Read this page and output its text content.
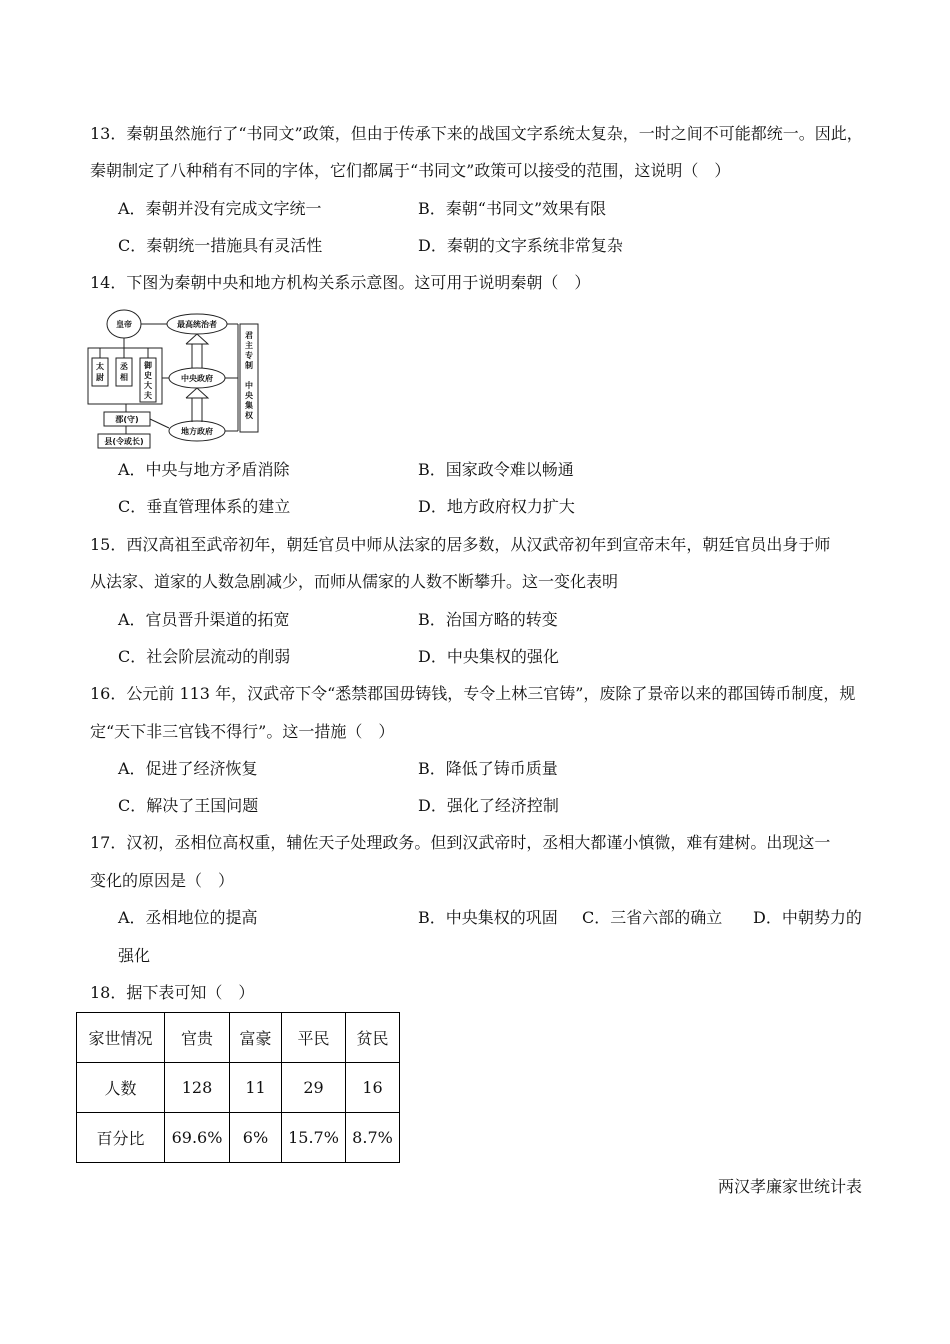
13．秦朝虽然施行了“书同文”政策，但由于传承下来的战国文字系统太复杂，一时之间不可能都统一。因此，
秦朝制定了八种稍有不同的字体，它们都属于“书同文”政策可以接受的范围，这说明（　）
A．秦朝并没有完成文字统一	B．秦朝“书同文”效果有限
C．秦朝统一措施具有灵活性	D．秦朝的文字系统非常复杂
14．下图为秦朝中央和地方机构关系示意图。这可用于说明秦朝（　）
皇帝	最高统治者
太
尉
丞
相
御
史
大
夫
中央政府
地方政府
郡(守)
县(令或长)
君
主
专
制
中
央
集
权
A．中央与地方矛盾消除	B．国家政令难以畅通
C．垂直管理体系的建立	D．地方政府权力扩大
15．西汉高祖至武帝初年，朝廷官员中师从法家的居多数，从汉武帝初年到宣帝末年，朝廷官员出身于师
从法家、道家的人数急剧减少，而师从儒家的人数不断攀升。这一变化表明
A．官员晋升渠道的拓宽	B．治国方略的转变
C．社会阶层流动的削弱	D．中央集权的强化
16．公元前 113 年，汉武帝下令“悉禁郡国毋铸钱，专令上林三官铸”，废除了景帝以来的郡国铸币制度，规
定“天下非三官钱不得行”。这一措施（　）
A．促进了经济恢复	B．降低了铸币质量
C．解决了王国问题	D．强化了经济控制
17．汉初，丞相位高权重，辅佐天子处理政务。但到汉武帝时，丞相大都谨小慎微，难有建树。出现这一
变化的原因是（　）
A．丞相地位的提高	B．中央集权的巩固 C．三省六部的确立 D．中朝势力的
强化
18．据下表可知（　）
家世情况	官贵	富豪	平民	贫民
人数	128	11	29	16
百分比	69.6%	6%	15.7%	8.7%
两汉孝廉家世统计表
